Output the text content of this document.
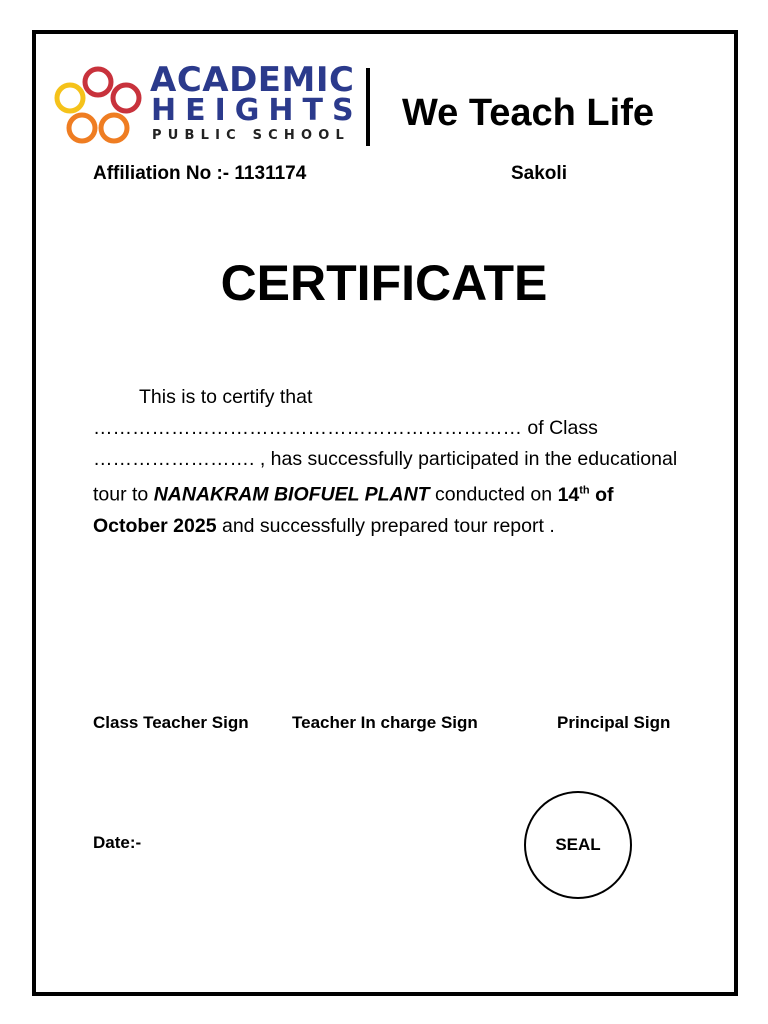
ACADEMIC
HEIGHTS
PUBLIC SCHOOL
We Teach Life
Affiliation No :- 1131174	Sakoli
CERTIFICATE
This is to certify that ………………………………………………………… of Class ……………………. , has successfully participated in the educational tour to NANAKRAM BIOFUEL PLANT conducted on 14th of October 2025 and successfully prepared tour report .
Class Teacher Sign	Teacher In charge Sign	Principal Sign
Date:-	SEAL
